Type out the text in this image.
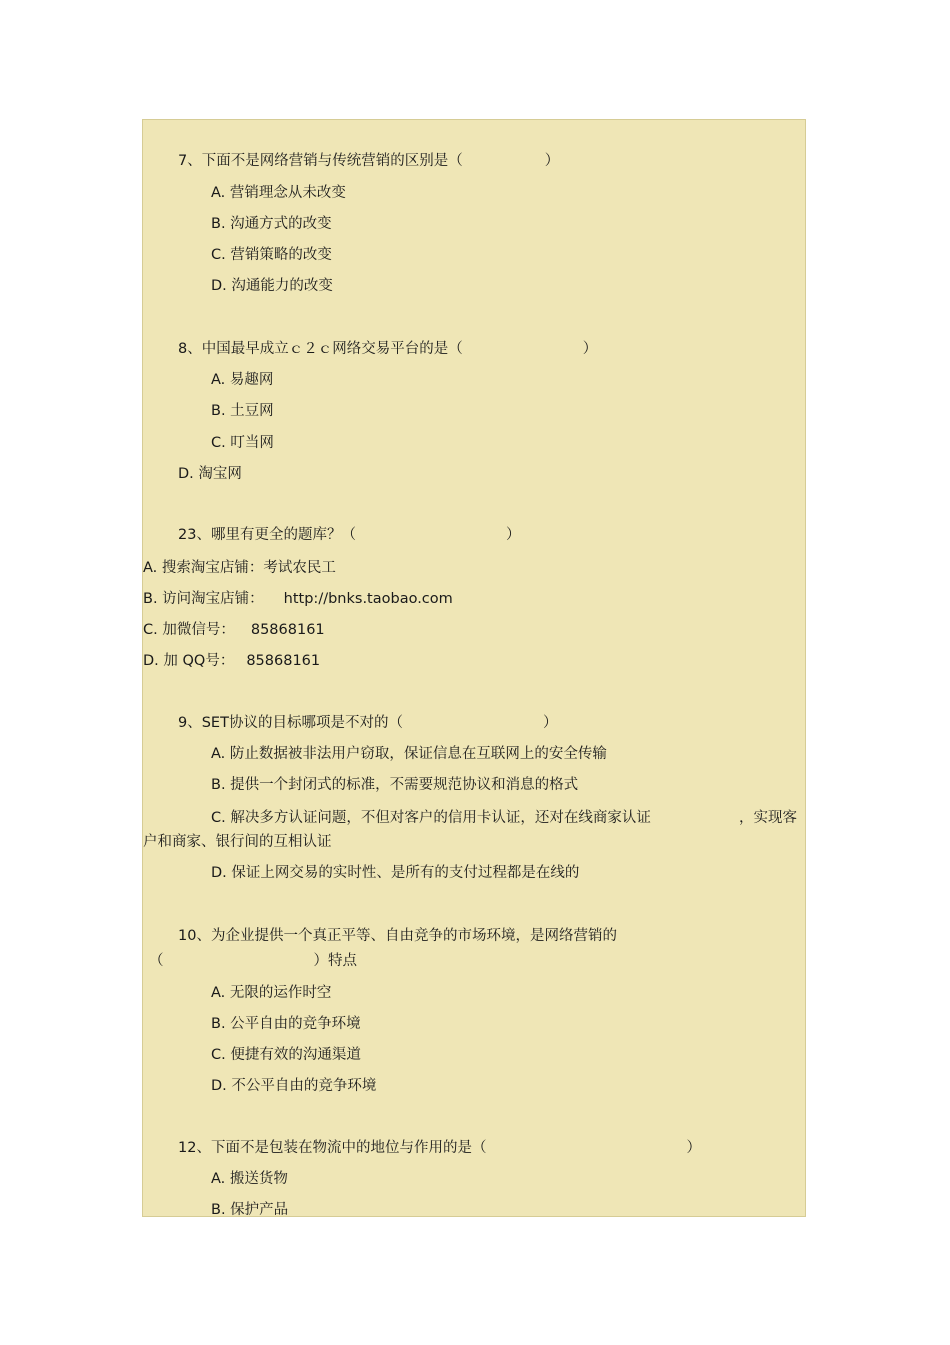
7、下面不是网络营销与传统营销的区别是（	）
A. 营销理念从未改变
B. 沟通方式的改变
C. 营销策略的改变
D. 沟通能力的改变
8、中国最早成立ｃ２ｃ网络交易平台的是（	）
A. 易趣网
B. 土豆网
C. 叮当网
D. 淘宝网
23、哪里有更全的题库？（	）
A. 搜索淘宝店铺：考试农民工
B. 访问淘宝店铺： http://bnks.taobao.com
C. 加微信号： 85868161
D. 加 QQ号： 85868161
9、SET协议的目标哪项是不对的（	）
A. 防止数据被非法用户窃取，保证信息在互联网上的安全传输
B. 提供一个封闭式的标准，不需要规范协议和消息的格式
C. 解决多方认证问题，不但对客户的信用卡认证，还对在线商家认证	，实现客
户和商家、银行间的互相认证
D. 保证上网交易的实时性、是所有的支付过程都是在线的
10、为企业提供一个真正平等、自由竞争的市场环境，是网络营销的
（	）特点
A. 无限的运作时空
B. 公平自由的竞争环境
C. 便捷有效的沟通渠道
D. 不公平自由的竞争环境
12、下面不是包装在物流中的地位与作用的是（	）
A. 搬送货物
B. 保护产品
